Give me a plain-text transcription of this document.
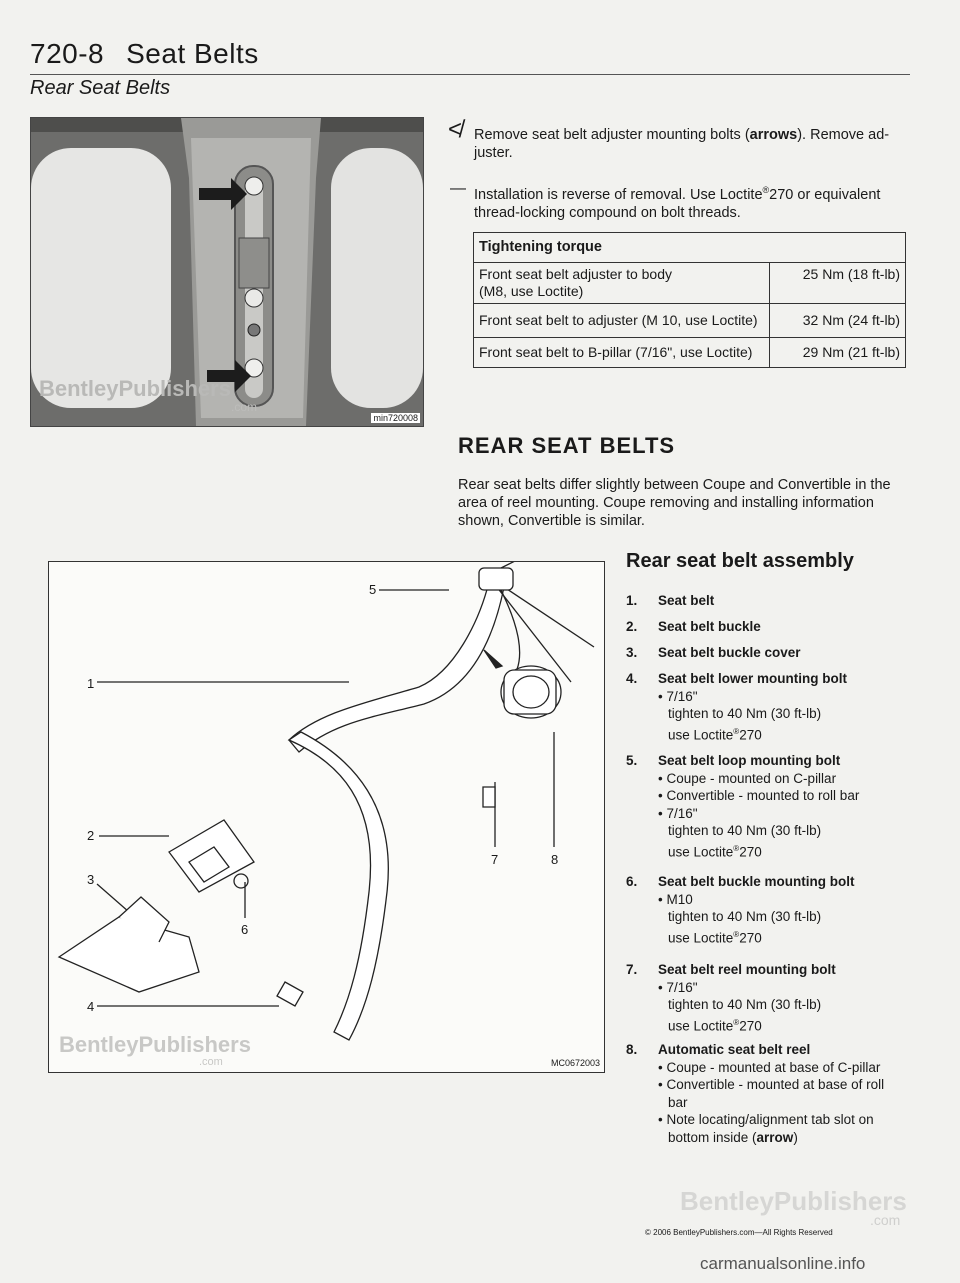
720-8 Seat Belts
Rear Seat Belts
BentleyPublishers
.com
min720008
≮ Remove seat belt adjuster mounting bolts (arrows). Remove ad-
juster.
— Installation is reverse of removal. Use Loctite®270 or equivalent
thread-locking compound on bolt threads.
Tightening torque	
Front seat belt adjuster to body
(M8, use Loctite)	25 Nm (18 ft-lb)
Front seat belt to adjuster (M 10, use Loctite)	32 Nm (24 ft-lb)
Front seat belt to B-pillar (7/16", use Loctite)	29 Nm (21 ft-lb)
REAR SEAT BELTS
Rear seat belts differ slightly between Coupe and Convertible in the
area of reel mounting. Coupe removing and installing information
shown, Convertible is similar.
1
2
3
4
5
6
7	8
BentleyPublishers
.com	MC0672003
Rear seat belt assembly
1. Seat belt
2. Seat belt buckle
3. Seat belt buckle cover
4. Seat belt lower mounting bolt
• 7/16"
tighten to 40 Nm (30 ft-lb)
use Loctite®270
5. Seat belt loop mounting bolt
• Coupe - mounted on C-pillar
• Convertible - mounted to roll bar
• 7/16"
tighten to 40 Nm (30 ft-lb)
use Loctite®270
6. Seat belt buckle mounting bolt
• M10
tighten to 40 Nm (30 ft-lb)
use Loctite®270
7. Seat belt reel mounting bolt
• 7/16"
tighten to 40 Nm (30 ft-lb)
use Loctite®270
8. Automatic seat belt reel
• Coupe - mounted at base of C-pillar
• Convertible - mounted at base of roll
bar
• Note locating/alignment tab slot on
bottom inside (arrow)
BentleyPublishers
.com
© 2006 BentleyPublishers.com—All Rights Reserved
carmanualsonline.info
